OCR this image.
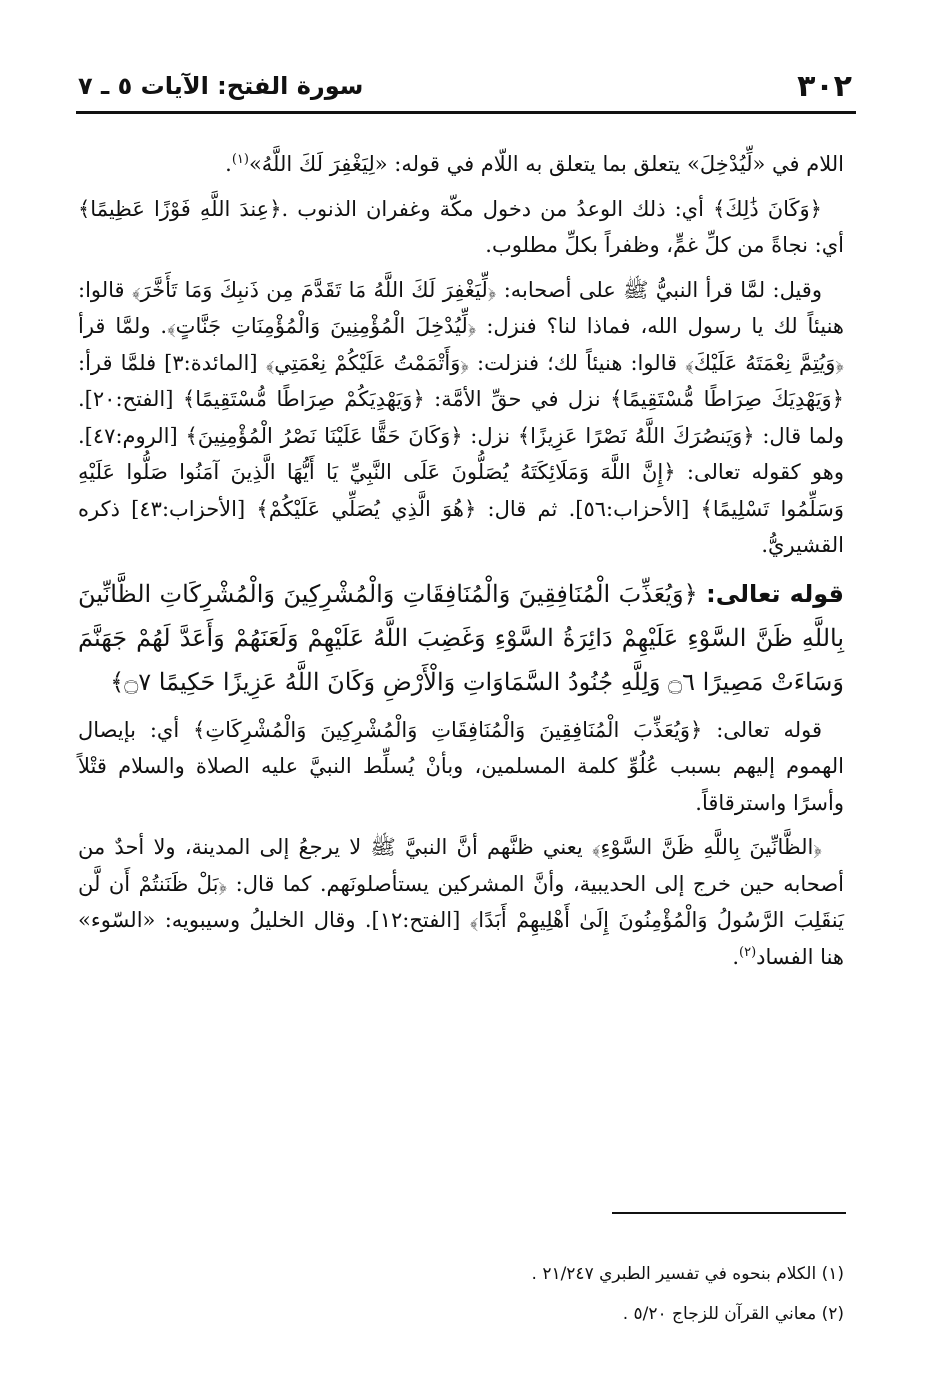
٣٠٢
سورة الفتح: الآيات ٥ ـ ٧

اللام في «لِّيُدْخِلَ» يتعلق بما يتعلق به اللّام في قوله: «لِيَغْفِرَ لَكَ اللَّهُ»$^{(١)}$.

﴿وَكَانَ ذَٰلِكَ﴾ أي: ذلك الوعدُ من دخول مكّة وغفران الذنوب .﴿عِندَ اللَّهِ فَوْزًا عَظِيمًا﴾ أي: نجاةً من كلِّ غمٍّ، وظفراً بكلِّ مطلوب.

وقيل: لمَّا قرأ النبيُّ ﷺ على أصحابه: ﴿لِّيَغْفِرَ لَكَ اللَّهُ مَا تَقَدَّمَ مِن ذَنبِكَ وَمَا تَأَخَّرَ﴾ قالوا: هنيئاً لك يا رسول الله، فماذا لنا؟ فنزل: ﴿لِّيُدْخِلَ الْمُؤْمِنِينَ وَالْمُؤْمِنَاتِ جَنَّاتٍ﴾. ولمَّا قرأ ﴿وَيُتِمَّ نِعْمَتَهُ عَلَيْكَ﴾ قالوا: هنيئاً لك؛ فنزلت: ﴿وَأَتْمَمْتُ عَلَيْكُمْ نِعْمَتِي﴾ [المائدة:٣] فلمَّا قرأ: ﴿وَيَهْدِيَكَ صِرَاطًا مُّسْتَقِيمًا﴾ نزل في حقِّ الأمَّة: ﴿وَيَهْدِيَكُمْ صِرَاطًا مُّسْتَقِيمًا﴾ [الفتح:٢٠]. ولما قال: ﴿وَيَنصُرَكَ اللَّهُ نَصْرًا عَزِيزًا﴾ نزل: ﴿وَكَانَ حَقًّا عَلَيْنَا نَصْرُ الْمُؤْمِنِينَ﴾ [الروم:٤٧]. وهو كقوله تعالى: ﴿إِنَّ اللَّهَ وَمَلَائِكَتَهُ يُصَلُّونَ عَلَى النَّبِيِّ يَا أَيُّهَا الَّذِينَ آمَنُوا صَلُّوا عَلَيْهِ وَسَلِّمُوا تَسْلِيمًا﴾ [الأحزاب:٥٦]. ثم قال: ﴿هُوَ الَّذِي يُصَلِّي عَلَيْكُمْ﴾ [الأحزاب:٤٣] ذكره القشيريُّ.

قوله تعالى: ﴿وَيُعَذِّبَ الْمُنَافِقِينَ وَالْمُنَافِقَاتِ وَالْمُشْرِكِينَ وَالْمُشْرِكَاتِ الظَّانِّينَ بِاللَّهِ ظَنَّ السَّوْءِ عَلَيْهِمْ دَائِرَةُ السَّوْءِ وَغَضِبَ اللَّهُ عَلَيْهِمْ وَلَعَنَهُمْ وَأَعَدَّ لَهُمْ جَهَنَّمَ وَسَاءَتْ مَصِيرًا ۝٦ وَلِلَّهِ جُنُودُ السَّمَاوَاتِ وَالْأَرْضِ وَكَانَ اللَّهُ عَزِيزًا حَكِيمًا ۝٧﴾

قوله تعالى: ﴿وَيُعَذِّبَ الْمُنَافِقِينَ وَالْمُنَافِقَاتِ وَالْمُشْرِكِينَ وَالْمُشْرِكَاتِ﴾ أي: بإيصال الهموم إليهم بسبب عُلُوِّ كلمة المسلمين، وبأنْ يُسلِّط النبيَّ عليه الصلاة والسلام قتْلاً وأسرًا واسترقاقاً.

﴿الظَّانِّينَ بِاللَّهِ ظَنَّ السَّوْءِ﴾ يعني ظنَّهم أنَّ النبيَّ ﷺ لا يرجعُ إلى المدينة، ولا أحدٌ من أصحابه حين خرج إلى الحديبية، وأنَّ المشركين يستأصلونَهم. كما قال: ﴿بَلْ ظَنَنتُمْ أَن لَّن يَنقَلِبَ الرَّسُولُ وَالْمُؤْمِنُونَ إِلَىٰ أَهْلِيهِمْ أَبَدًا﴾ [الفتح:١٢]. وقال الخليلُ وسيبويه: «السّوء» هنا الفساد$^{(٢)}$.

(١) الكلام بنحوه في تفسير الطبري ٢١/٢٤٧ .
(٢) معاني القرآن للزجاج ٥/٢٠ .
